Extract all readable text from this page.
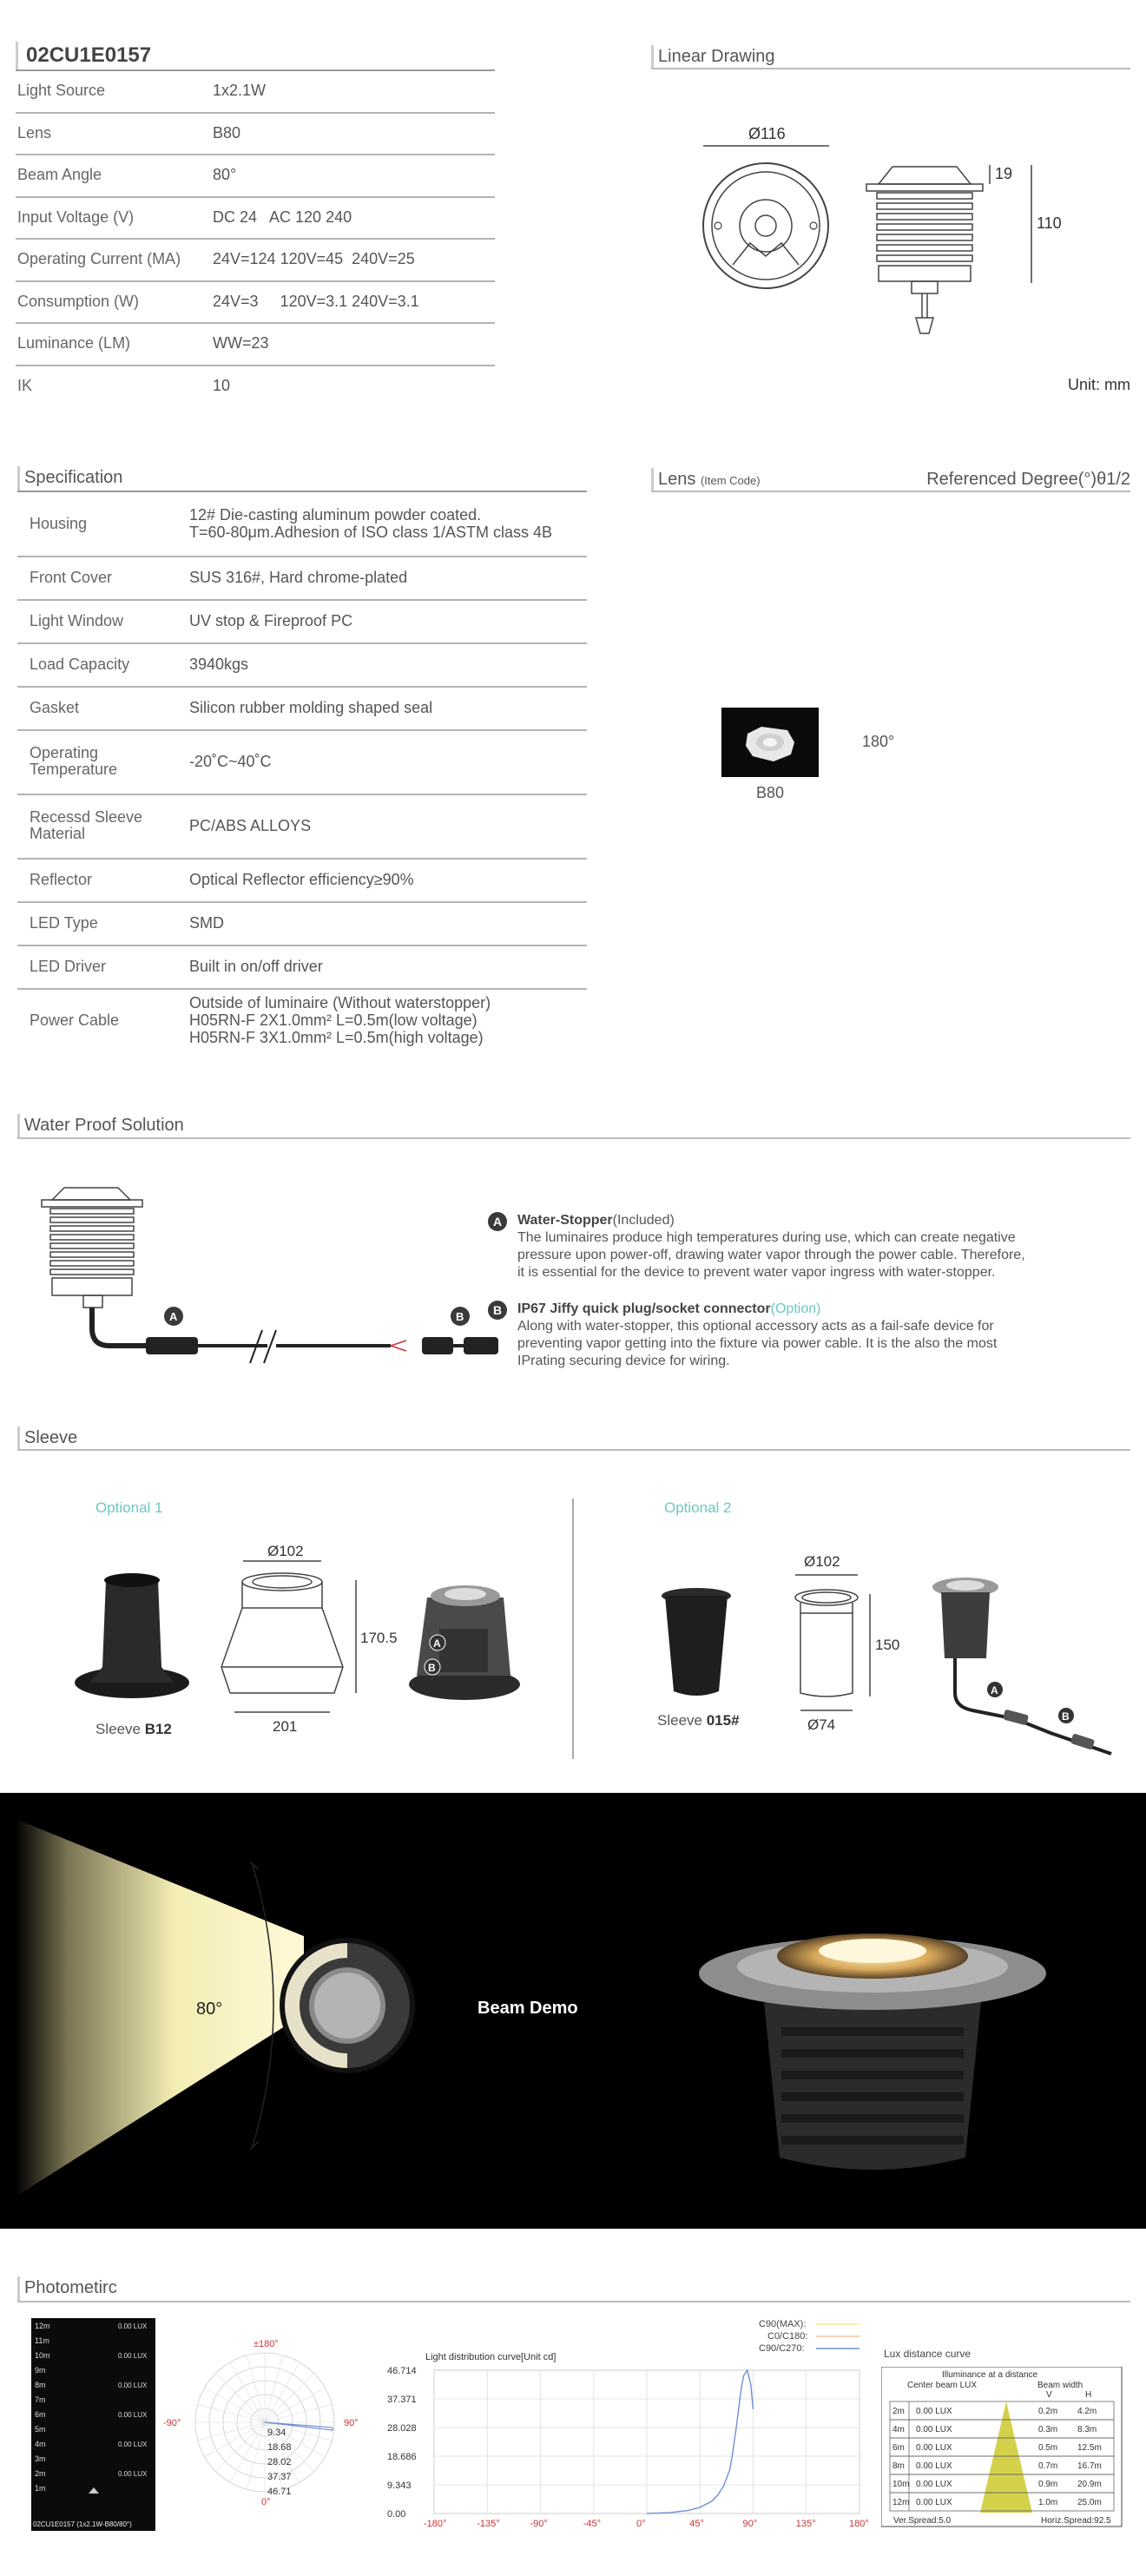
02CU1E0157
Light Source	1x2.1W
Lens	B80
Beam Angle	80°
Input Voltage (V)	DC 24   AC 120 240
Operating Current (MA) 24V=124 120V=45  240V=25
Consumption (W)	24V=3     120V=3.1 240V=3.1
Luminance (LM)	WW=23
IK	10
Linear Drawing
Ø116
19
110
Unit: mm
Specification
Housing	12# Die-casting aluminum powder coated.
T=60-80μm.Adhesion of ISO class 1/ASTM class 4B
Front Cover	SUS 316#, Hard chrome-plated
Light Window	UV stop & Fireproof PC
Load Capacity	3940kgs
Gasket	Silicon rubber molding shaped seal
Operating
Temperature	-20˚C~40˚C
Recessd Sleeve
Material	PC/ABS ALLOYS
Reflector	Optical Reflector efficiency≥90%
LED Type	SMD
LED Driver	Built in on/off driver
Power Cable
Outside of luminaire (Without waterstopper)
H05RN-F 2X1.0mm² L=0.5m(low voltage)
H05RN-F 3X1.0mm² L=0.5m(high voltage)
Lens (Item Code)	Referenced Degree(°)θ1/2
B80
180°
Water Proof Solution
A	B
A	Water-Stopper(Included)
The luminaires produce high temperatures during use, which can create negative
pressure upon power-off, drawing water vapor through the power cable. Therefore,
it is essential for the device to prevent water vapor ingress with water-stopper.
B	IP67 Jiffy quick plug/socket connector(Option)
Along with water-stopper, this optional accessory acts as a fail-safe device for
preventing vapor getting into the fixture via power cable. It is the also the most
IPrating securing device for wiring.
Sleeve
Optional 1	Optional 2
Ø102
170.5
201
A
B
Sleeve B12
Ø102
150
Ø74
A
B
Sleeve 015#
80°	Beam Demo
Photometirc
12m	0.00 LUX
11m
10m	0.00 LUX
9m
8m	0.00 LUX
7m
6m	0.00 LUX
5m
4m	0.00 LUX
3m
2m	0.00 LUX
1m
02CU1E0157 (1x2.1W-B80/80°)
±180°
-90°	90°
0°
9.34
18.68
28.02
37.37
46.71
C90(MAX):
C0/C180:
C90/C270:
Light distribution curve[Unit cd]
-180°	-135°	-90°	-45°	0°	45°	90°	135°	180°
46.714
37.371
28.028
18.686
9.343
0.00
Lux distance curve
Illuminance at a distance
Center beam LUX	Beam width
V	H
2m 0.00 LUX	0.2m 4.2m
4m 0.00 LUX	0.3m 8.3m
6m 0.00 LUX	0.5m 12.5m
8m 0.00 LUX	0.7m 16.7m
10m 0.00 LUX	0.9m 20.9m
12m 0.00 LUX	1.0m 25.0m
Ver.Spread:5.0	Horiz.Spread:92.5
